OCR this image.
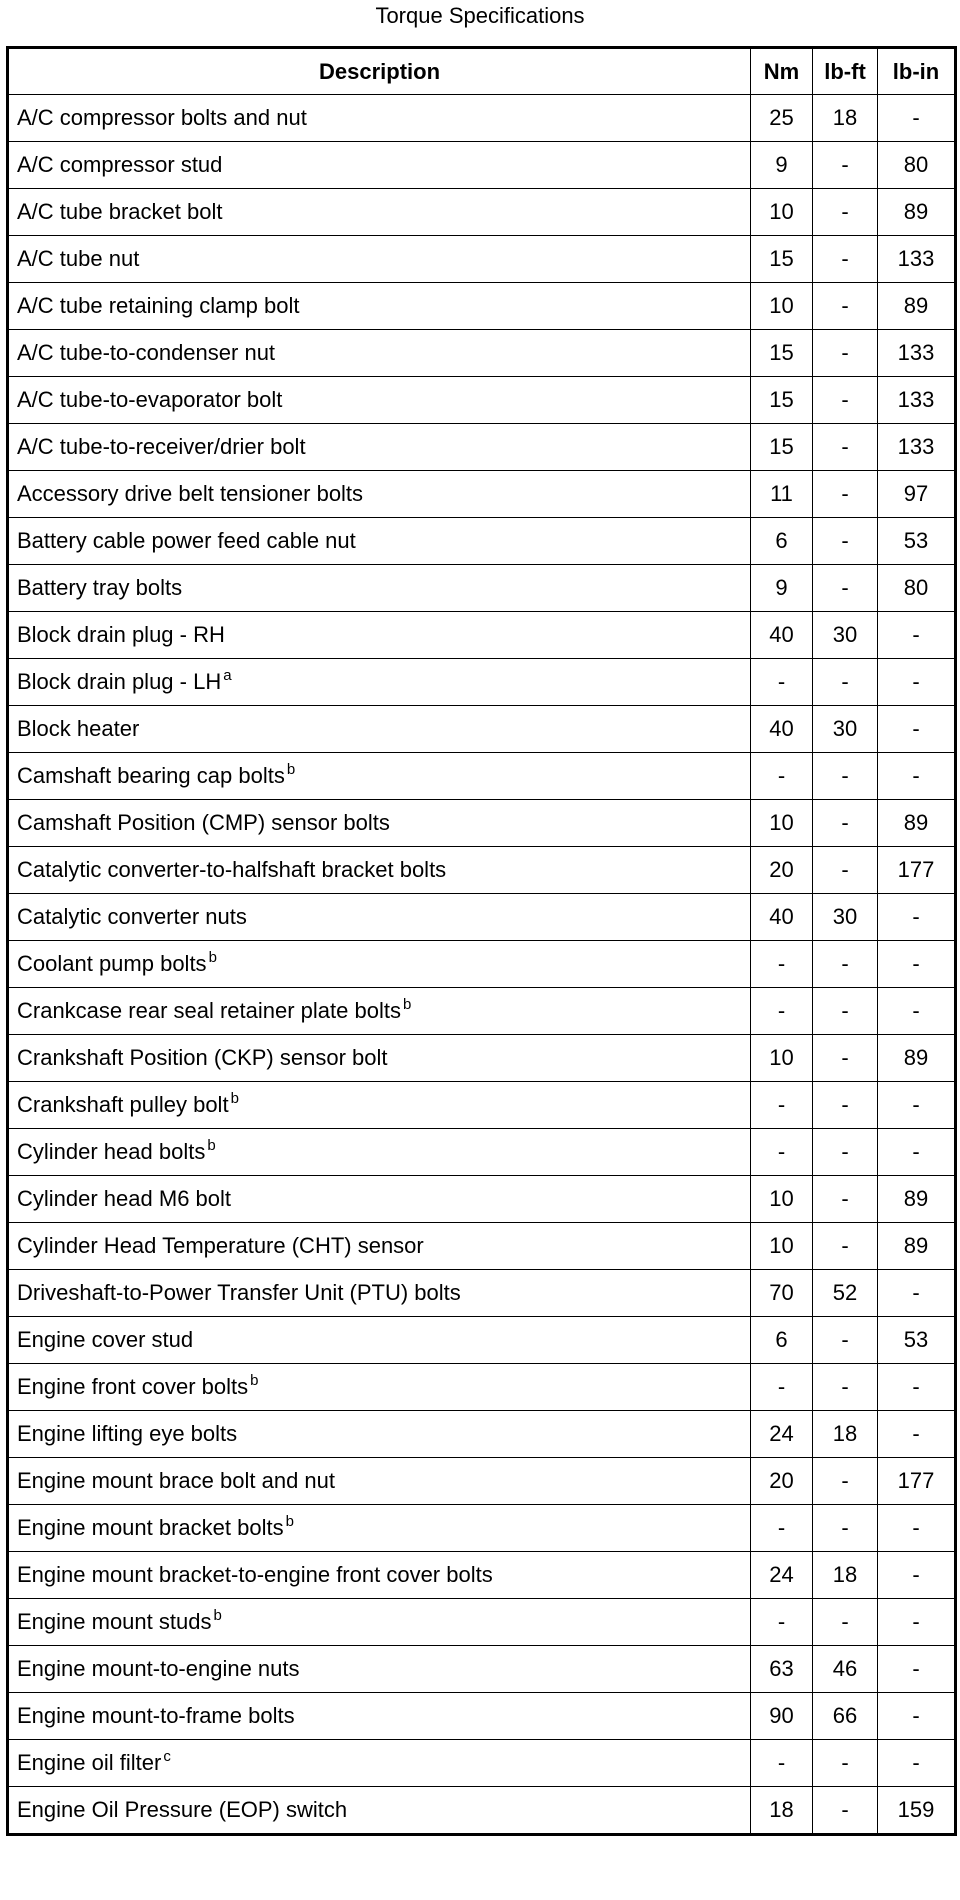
Torque Specifications
Description	Nm	lb-ft	lb-in
A/C compressor bolts and nut	25	18	-
A/C compressor stud	9	-	80
A/C tube bracket bolt	10	-	89
A/C tube nut	15	-	133
A/C tube retaining clamp bolt	10	-	89
A/C tube-to-condenser nut	15	-	133
A/C tube-to-evaporator bolt	15	-	133
A/C tube-to-receiver/drier bolt	15	-	133
Accessory drive belt tensioner bolts	11	-	97
Battery cable power feed cable nut	6	-	53
Battery tray bolts	9	-	80
Block drain plug - RH	40	30	-
Block drain plug - LH $^a$	-	-	-
Block heater	40	30	-
Camshaft bearing cap bolts $^b$	-	-	-
Camshaft Position (CMP) sensor bolts	10	-	89
Catalytic converter-to-halfshaft bracket bolts	20	-	177
Catalytic converter nuts	40	30	-
Coolant pump bolts $^b$	-	-	-
Crankcase rear seal retainer plate bolts $^b$	-	-	-
Crankshaft Position (CKP) sensor bolt	10	-	89
Crankshaft pulley bolt $^b$	-	-	-
Cylinder head bolts $^b$	-	-	-
Cylinder head M6 bolt	10	-	89
Cylinder Head Temperature (CHT) sensor	10	-	89
Driveshaft-to-Power Transfer Unit (PTU) bolts	70	52	-
Engine cover stud	6	-	53
Engine front cover bolts $^b$	-	-	-
Engine lifting eye bolts	24	18	-
Engine mount brace bolt and nut	20	-	177
Engine mount bracket bolts $^b$	-	-	-
Engine mount bracket-to-engine front cover bolts	24	18	-
Engine mount studs $^b$	-	-	-
Engine mount-to-engine nuts	63	46	-
Engine mount-to-frame bolts	90	66	-
Engine oil filter $^c$	-	-	-
Engine Oil Pressure (EOP) switch	18	-	159
